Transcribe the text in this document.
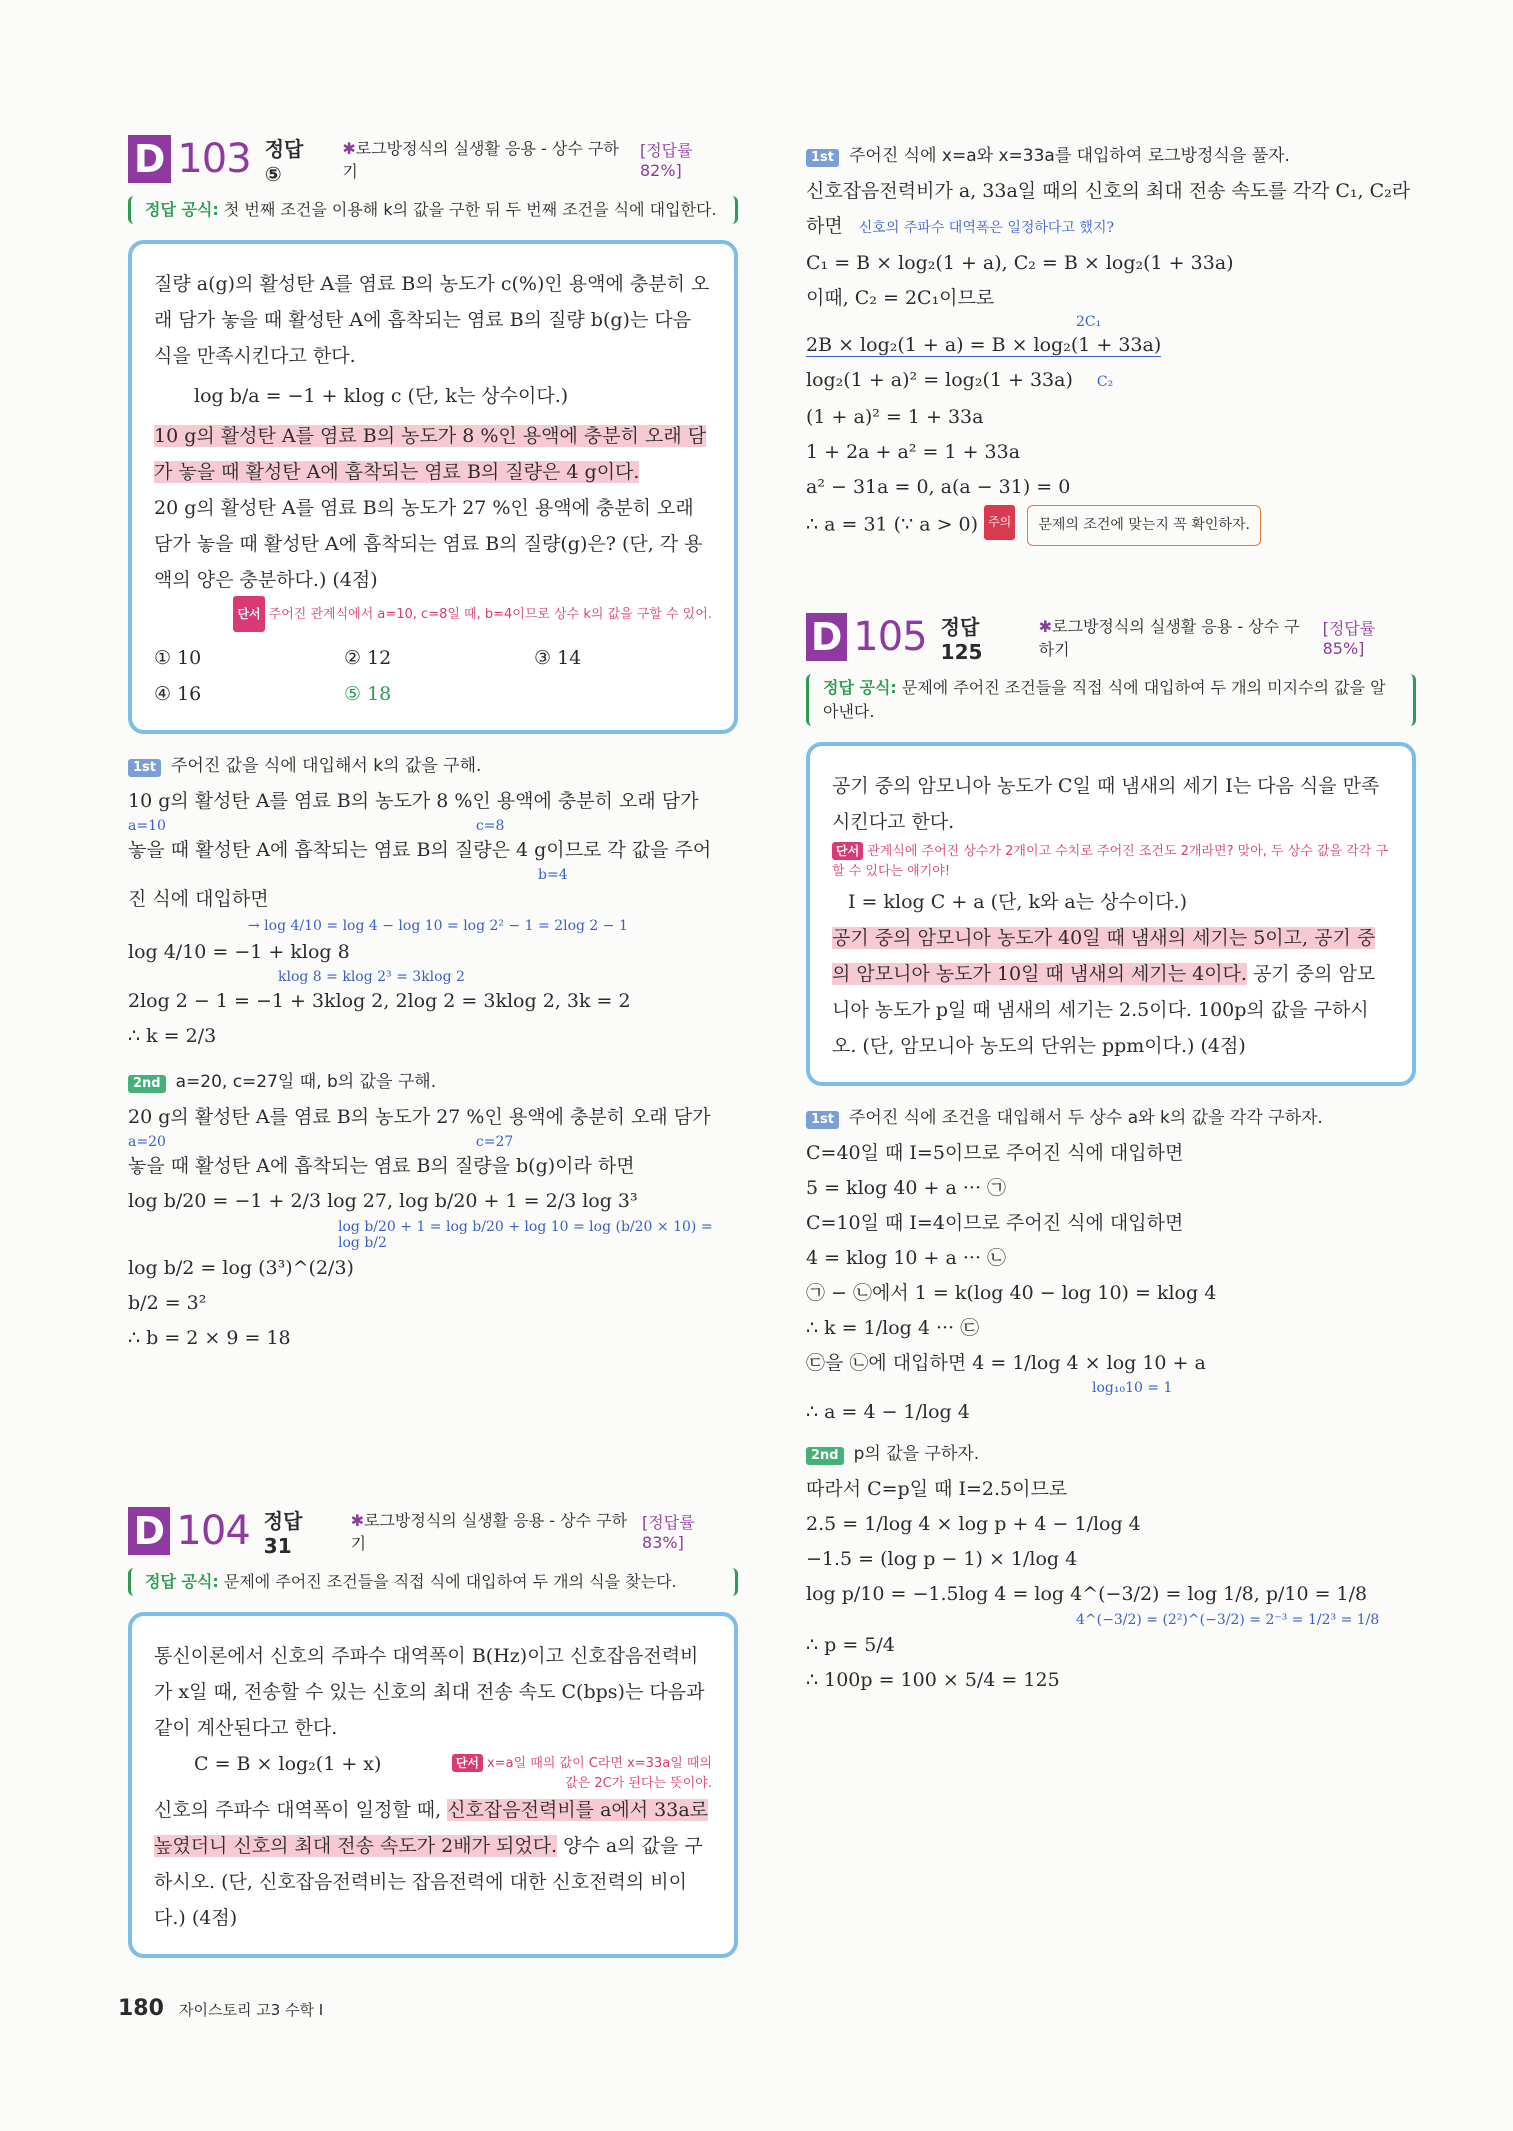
D 103 정답 ⑤
✱로그방정식의 실생활 응용 - 상수 구하기
[정답률 82%]
정답 공식: 첫 번째 조건을 이용해 k의 값을 구한 뒤 두 번째 조건을 식에 대입한다.
질량 a(g)의 활성탄 A를 염료 B의 농도가 c(%)인 용액에 충분히 오래 담가 놓을 때 활성탄 A에 흡착되는 염료 B의 질량 b(g)는 다음 식을 만족시킨다고 한다.
log b/a = −1 + klog c (단, k는 상수이다.)
10 g의 활성탄 A를 염료 B의 농도가 8 %인 용액에 충분히 오래 담가 놓을 때 활성탄 A에 흡착되는 염료 B의 질량은 4 g이다.
20 g의 활성탄 A를 염료 B의 농도가 27 %인 용액에 충분히 오래 담가 놓을 때 활성탄 A에 흡착되는 염료 B의 질량(g)은? (단, 각 용액의 양은 충분하다.) (4점)
단서 주어진 관계식에서 a=10, c=8일 때, b=4이므로 상수 k의 값을 구할 수 있어.
① 10	② 12	③ 14
④ 16	⑤ 18
1st 주어진 값을 식에 대입해서 k의 값을 구해.
10 g의 활성탄 A를 염료 B의 농도가 8 %인 용액에 충분히 오래 담가
a=10	c=8
놓을 때 활성탄 A에 흡착되는 염료 B의 질량은 4 g이므로 각 값을 주어
b=4
진 식에 대입하면
→ log 4/10 = log 4 − log 10 = log 2² − 1 = 2log 2 − 1
log 4/10 = −1 + klog 8
klog 8 = klog 2³ = 3klog 2
2log 2 − 1 = −1 + 3klog 2, 2log 2 = 3klog 2, 3k = 2
∴ k = 2/3
2nd a=20, c=27일 때, b의 값을 구해.
20 g의 활성탄 A를 염료 B의 농도가 27 %인 용액에 충분히 오래 담가
a=20	c=27
놓을 때 활성탄 A에 흡착되는 염료 B의 질량을 b(g)이라 하면
log b/20 = −1 + 2/3 log 27, log b/20 + 1 = 2/3 log 3³
log b/20 + 1 = log b/20 + log 10 = log (b/20 × 10) = log b/2
log b/2 = log (3³)^(2/3)
b/2 = 3²
∴ b = 2 × 9 = 18
D 104 정답 31
✱로그방정식의 실생활 응용 - 상수 구하기
[정답률 83%]
정답 공식: 문제에 주어진 조건들을 직접 식에 대입하여 두 개의 식을 찾는다.
통신이론에서 신호의 주파수 대역폭이 B(Hz)이고 신호잡음전력비가 x일 때, 전송할 수 있는 신호의 최대 전송 속도 C(bps)는 다음과 같이 계산된다고 한다.
C = B × log₂(1 + x)	단서 x=a일 때의 값이 C라면 x=33a일 때의 값은 2C가 된다는 뜻이야.
신호의 주파수 대역폭이 일정할 때, 신호잡음전력비를 a에서 33a로 높였더니 신호의 최대 전송 속도가 2배가 되었다. 양수 a의 값을 구하시오. (단, 신호잡음전력비는 잡음전력에 대한 신호전력의 비이다.) (4점)
1st 주어진 식에 x=a와 x=33a를 대입하여 로그방정식을 풀자.
신호잡음전력비가 a, 33a일 때의 신호의 최대 전송 속도를 각각 C₁, C₂라
하면 신호의 주파수 대역폭은 일정하다고 했지?
C₁ = B × log₂(1 + a), C₂ = B × log₂(1 + 33a)
이때, C₂ = 2C₁이므로
2C₁
2B × log₂(1 + a) = B × log₂(1 + 33a)
log₂(1 + a)² = log₂(1 + 33a) C₂
(1 + a)² = 1 + 33a
1 + 2a + a² = 1 + 33a
a² − 31a = 0, a(a − 31) = 0
∴ a = 31 (∵ a > 0) 주의 문제의 조건에 맞는지 꼭 확인하자.
D 105 정답 125
✱로그방정식의 실생활 응용 - 상수 구하기
[정답률 85%]
정답 공식: 문제에 주어진 조건들을 직접 식에 대입하여 두 개의 미지수의 값을 알아낸다.
공기 중의 암모니아 농도가 C일 때 냄새의 세기 I는 다음 식을 만족시킨다고 한다.
단서 관계식에 주어진 상수가 2개이고 수치로 주어진 조건도 2개라면? 맞아, 두 상수 값을 각각 구할 수 있다는 얘기야!
I = klog C + a (단, k와 a는 상수이다.)
공기 중의 암모니아 농도가 40일 때 냄새의 세기는 5이고, 공기 중의 암모니아 농도가 10일 때 냄새의 세기는 4이다. 공기 중의 암모니아 농도가 p일 때 냄새의 세기는 2.5이다. 100p의 값을 구하시오. (단, 암모니아 농도의 단위는 ppm이다.) (4점)
1st 주어진 식에 조건을 대입해서 두 상수 a와 k의 값을 각각 구하자.
C=40일 때 I=5이므로 주어진 식에 대입하면
5 = klog 40 + a ··· ㉠
C=10일 때 I=4이므로 주어진 식에 대입하면
4 = klog 10 + a ··· ㉡
㉠ − ㉡에서 1 = k(log 40 − log 10) = klog 4
∴ k = 1/log 4 ··· ㉢
㉢을 ㉡에 대입하면 4 = 1/log 4 × log 10 + a
log₁₀10 = 1
∴ a = 4 − 1/log 4
2nd p의 값을 구하자.
따라서 C=p일 때 I=2.5이므로
2.5 = 1/log 4 × log p + 4 − 1/log 4
−1.5 = (log p − 1) × 1/log 4
log p/10 = −1.5log 4 = log 4^(−3/2) = log 1/8, p/10 = 1/8
4^(−3/2) = (2²)^(−3/2) = 2⁻³ = 1/2³ = 1/8
∴ p = 5/4
∴ 100p = 100 × 5/4 = 125
180 자이스토리 고3 수학 I
